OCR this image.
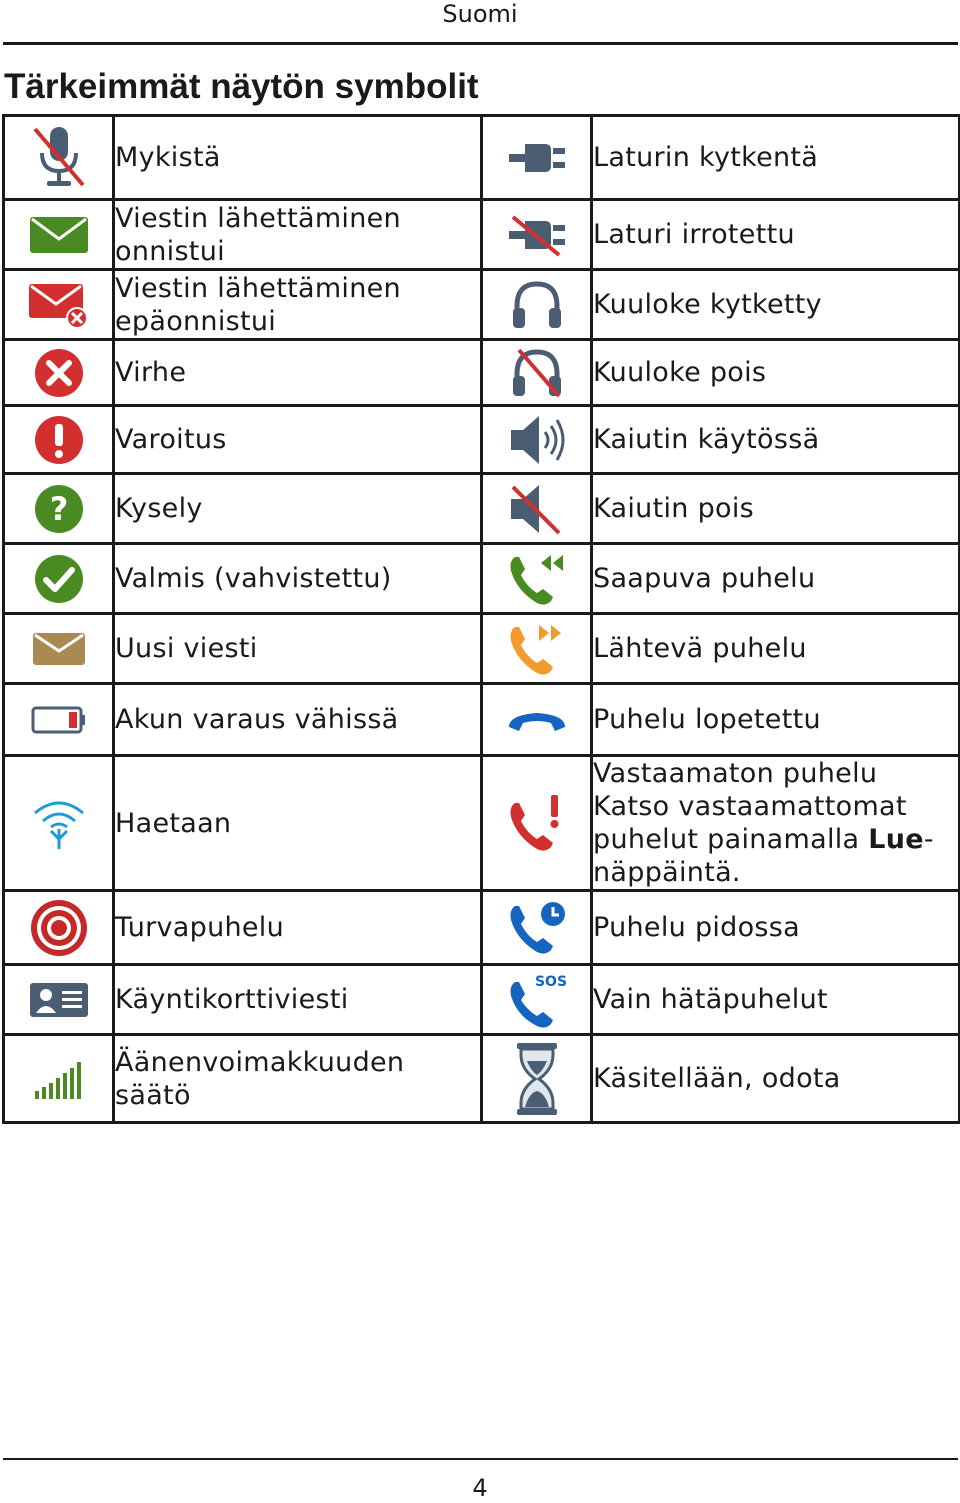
Suomi
Tärkeimmät näytön symbolit

Mykistä		Laturin kytkentä

Viestin lähettäminen onnistui		Laturi irrotettu

Viestin lähettäminen epäonnistui		Kuuloke kytketty

Virhe		Kuuloke pois

Varoitus		Kaiutin käytössä

?	Kysely		Kaiutin pois

Valmis (vahvistettu)		Saapuva puhelu

Uusi viesti		Lähtevä puhelu

Akun varaus vähissä		Puhelu lopetettu

Haetaan		Vastaamaton puhelu Katso vastaamattomat puhelut painamalla Lue-näppäintä.

Turvapuhelu		Puhelu pidossa

Käyntikorttiviesti	SOS	Vain hätäpuhelut

Äänenvoimakkuuden säätö		Käsitellään, odota
4
